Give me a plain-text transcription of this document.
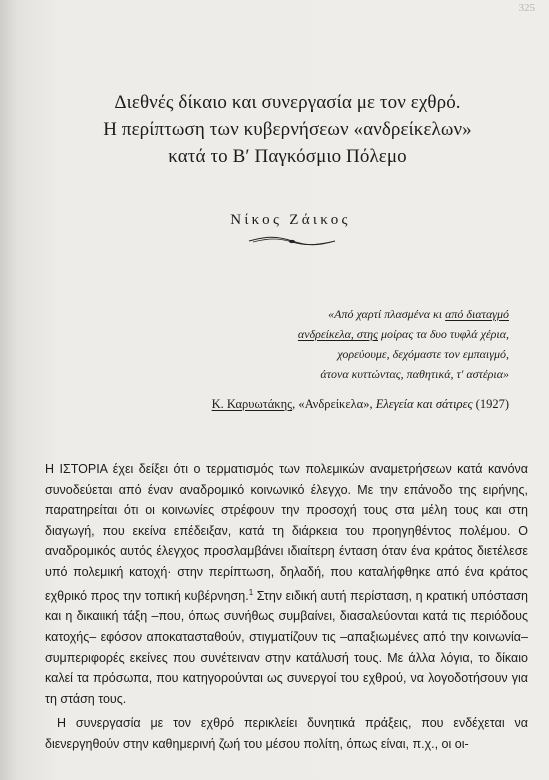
325
Διεθνές δίκαιο και συνεργασία με τον εχθρό.
Η περίπτωση των κυβερνήσεων «ανδρείκελων»
κατά το Β′ Παγκόσμιο Πόλεμο
Νίκος Ζάικος
«Από χαρτί πλασμένα κι από διαταγμό
ανδρείκελα, στης μοίρας τα δυο τυφλά χέρια,
χορεύουμε, δεχόμαστε τον εμπαιγμό,
άτονα κυττώντας, παθητικά, τ' αστέρια»
Κ. Καρυωτάκης, «Ανδρείκελα», Ελεγεία και σάτιρες (1927)

Η ΙΣΤΟΡΙΑ έχει δείξει ότι ο τερματισμός των πολεμικών αναμετρήσεων κατά κανόνα συνοδεύεται από έναν αναδρομικό κοινωνικό έλεγχο. Με την επάνοδο της ειρήνης, παρατηρείται ότι οι κοινωνίες στρέφουν την προσοχή τους στα μέλη τους και στη διαγωγή, που εκείνα επέδειξαν, κατά τη διάρκεια του προηγηθέντος πολέμου. Ο αναδρομικός αυτός έλεγχος προσλαμβάνει ιδιαίτερη ένταση όταν ένα κράτος διετέλεσε υπό πολεμική κατοχή· στην περίπτωση, δηλαδή, που καταλήφθηκε από ένα κράτος εχθρικό προς την τοπική κυβέρνηση.$^1$ Στην ειδική αυτή περίσταση, η κρατική υπόσταση και η δικαιική τάξη –που, όπως συνήθως συμβαίνει, διασαλεύονται κατά τις περιόδους κατοχής– εφόσον αποκατασταθούν, στιγματίζουν τις –απαξιωμένες από την κοινωνία– συμπεριφορές εκείνες που συνέτειναν στην κατάλυσή τους. Με άλλα λόγια, το δίκαιο καλεί τα πρόσωπα, που κατηγορούνται ως συνεργοί του εχθρού, να λογοδοτήσουν για τη στάση τους.

Η συνεργασία με τον εχθρό περικλείει δυνητικά πράξεις, που ενδέχεται να διενεργηθούν στην καθημερινή ζωή του μέσου πολίτη, όπως είναι, π.χ., οι οι-
